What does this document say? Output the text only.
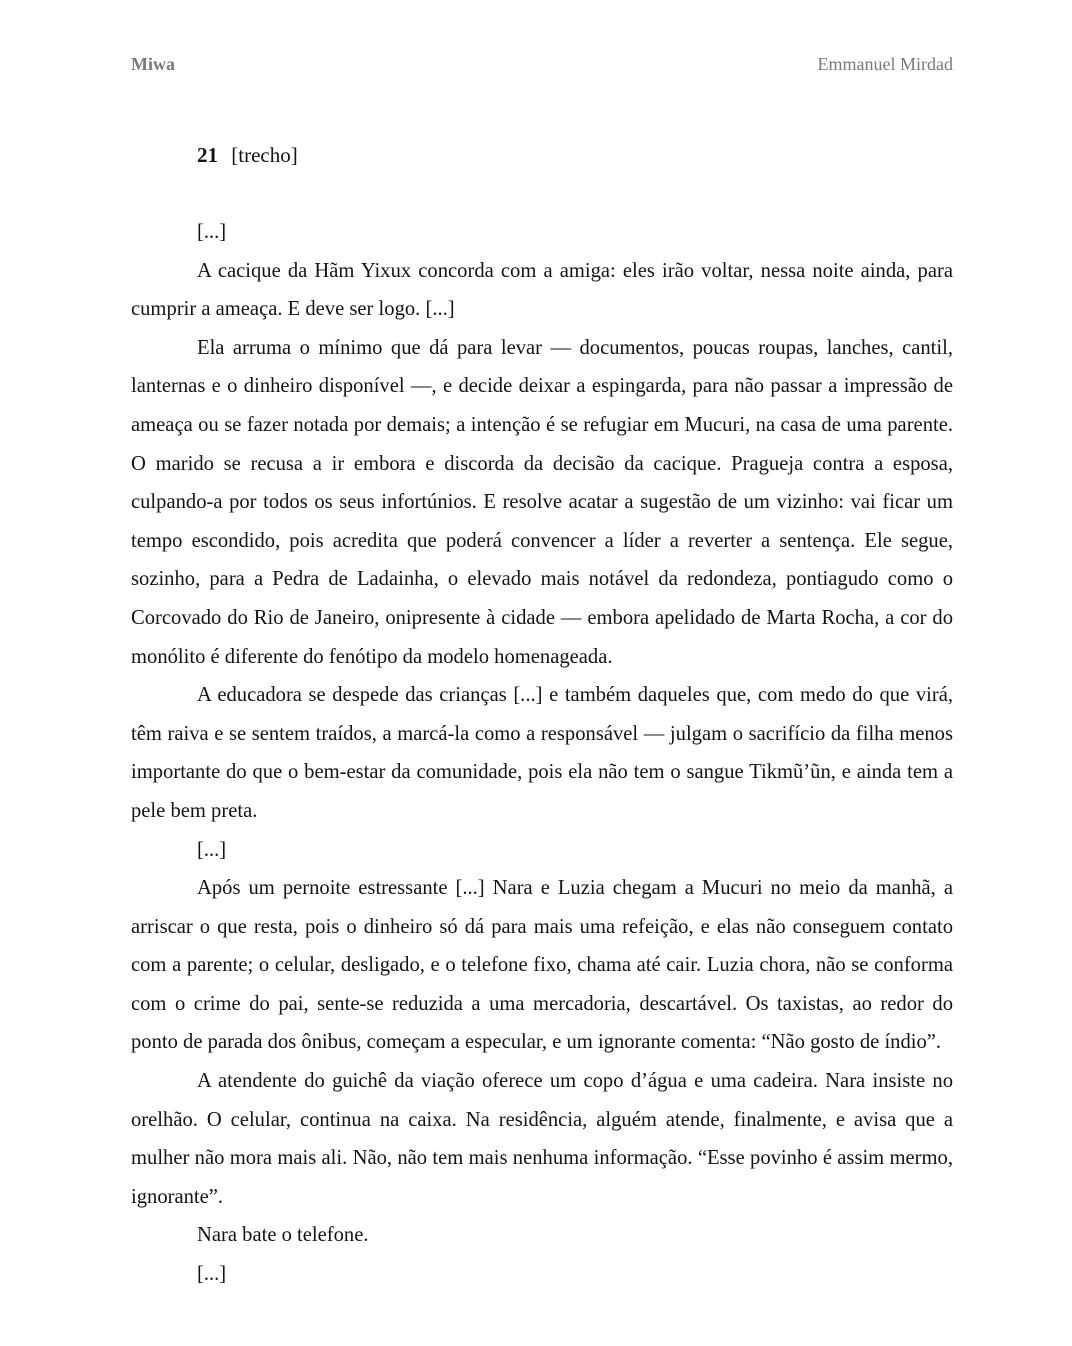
Miwa	Emmanuel Mirdad
21 [trecho]

[...]

A cacique da Hãm Yixux concorda com a amiga: eles irão voltar, nessa noite ainda, para cumprir a ameaça. E deve ser logo. [...]

Ela arruma o mínimo que dá para levar — documentos, poucas roupas, lanches, cantil, lanternas e o dinheiro disponível —, e decide deixar a espingarda, para não passar a impressão de ameaça ou se fazer notada por demais; a intenção é se refugiar em Mucuri, na casa de uma parente. O marido se recusa a ir embora e discorda da decisão da cacique. Pragueja contra a esposa, culpando-a por todos os seus infortúnios. E resolve acatar a sugestão de um vizinho: vai ficar um tempo escondido, pois acredita que poderá convencer a líder a reverter a sentença. Ele segue, sozinho, para a Pedra de Ladainha, o elevado mais notável da redondeza, pontiagudo como o Corcovado do Rio de Janeiro, onipresente à cidade — embora apelidado de Marta Rocha, a cor do monólito é diferente do fenótipo da modelo homenageada.

A educadora se despede das crianças [...] e também daqueles que, com medo do que virá, têm raiva e se sentem traídos, a marcá-la como a responsável — julgam o sacrifício da filha menos importante do que o bem-estar da comunidade, pois ela não tem o sangue Tikmũ’ũn, e ainda tem a pele bem preta.

[...]

Após um pernoite estressante [...] Nara e Luzia chegam a Mucuri no meio da manhã, a arriscar o que resta, pois o dinheiro só dá para mais uma refeição, e elas não conseguem contato com a parente; o celular, desligado, e o telefone fixo, chama até cair. Luzia chora, não se conforma com o crime do pai, sente-se reduzida a uma mercadoria, descartável. Os taxistas, ao redor do ponto de parada dos ônibus, começam a especular, e um ignorante comenta: “Não gosto de índio”.

A atendente do guichê da viação oferece um copo d’água e uma cadeira. Nara insiste no orelhão. O celular, continua na caixa. Na residência, alguém atende, finalmente, e avisa que a mulher não mora mais ali. Não, não tem mais nenhuma informação. “Esse povinho é assim mermo, ignorante”.

Nara bate o telefone.

[...]
